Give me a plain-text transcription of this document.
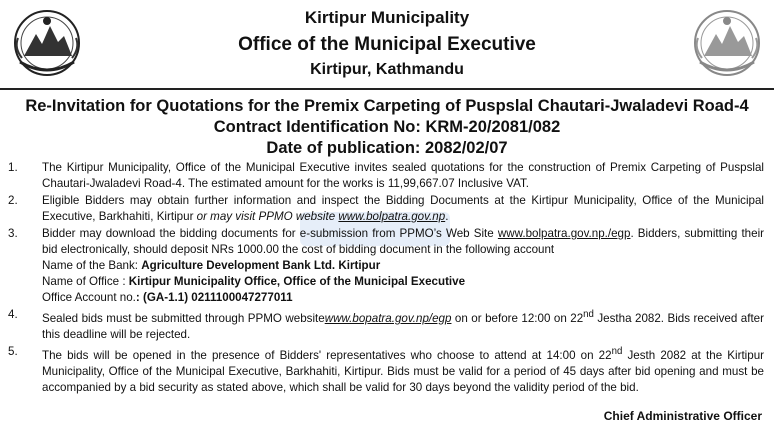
Kirtipur Municipality
Office of the Municipal Executive
Kirtipur, Kathmandu
Re-Invitation for Quotations for the Premix Carpeting of Puspslal Chautari-Jwaladevi Road-4
Contract Identification No: KRM-20/2081/082
Date of publication: 2082/02/07
1.	The Kirtipur Municipality, Office of the Municipal Executive invites sealed quotations for the construction of Premix Carpeting of Puspslal Chautari-Jwaladevi Road-4. The estimated amount for the works is 11,99,667.07 Inclusive VAT.
2.	Eligible Bidders may obtain further information and inspect the Bidding Documents at the Kirtipur Municipality, Office of the Municipal Executive, Barkhahiti, Kirtipur or may visit PPMO website www.bolpatra.gov.np.
3.	Bidder may download the bidding documents for e-submission from PPMO’s Web Site www.bolpatra.gov.np./egp. Bidders, submitting their bid electronically, should deposit NRs 1000.00 the cost of bidding document in the following account
Name of the Bank: Agriculture Development Bank Ltd. Kirtipur
Name of Office : Kirtipur Municipality Office, Office of the Municipal Executive
Office Account no.: (GA-1.1) 0211100047277011
4.	Sealed bids must be submitted through PPMO websitewww.bopatra.gov.np/egp on or before 12:00 on 22nd Jestha 2082. Bids received after this deadline will be rejected.
5.	The bids will be opened in the presence of Bidders' representatives who choose to attend at 14:00 on 22nd Jesth 2082 at the Kirtipur Municipality, Office of the Municipal Executive, Barkhahiti, Kirtipur. Bids must be valid for a period of 45 days after bid opening and must be accompanied by a bid security as stated above, which shall be valid for 30 days beyond the validity period of the bid.
Chief Administrative Officer
